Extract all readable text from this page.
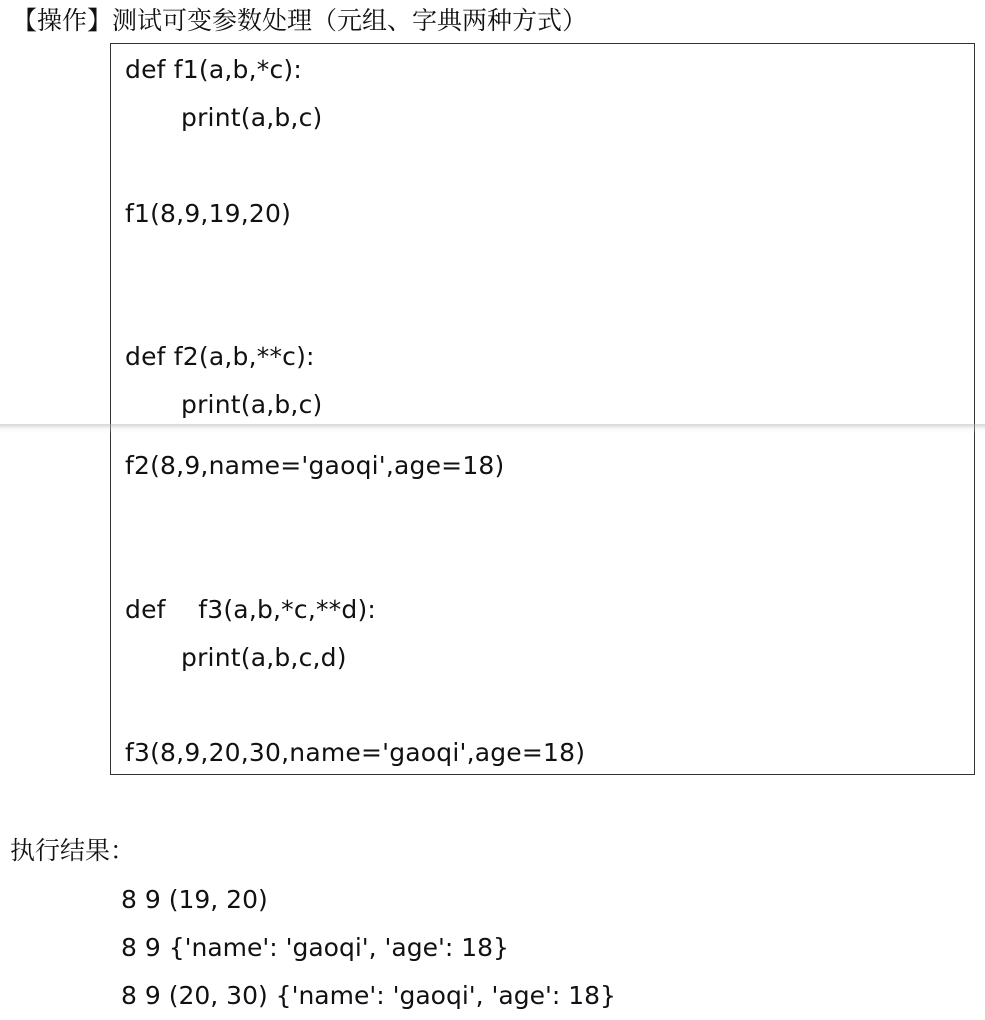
【操作】测试可变参数处理（元组、字典两种方式）
def f1(a,b,*c):
print(a,b,c)
f1(8,9,19,20)
def f2(a,b,**c):
print(a,b,c)
f2(8,9,name='gaoqi',age=18)
def    f3(a,b,*c,**d):
print(a,b,c,d)
f3(8,9,20,30,name='gaoqi',age=18)
执行结果：
8 9 (19, 20)
8 9 {'name': 'gaoqi', 'age': 18}
8 9 (20, 30) {'name': 'gaoqi', 'age': 18}
